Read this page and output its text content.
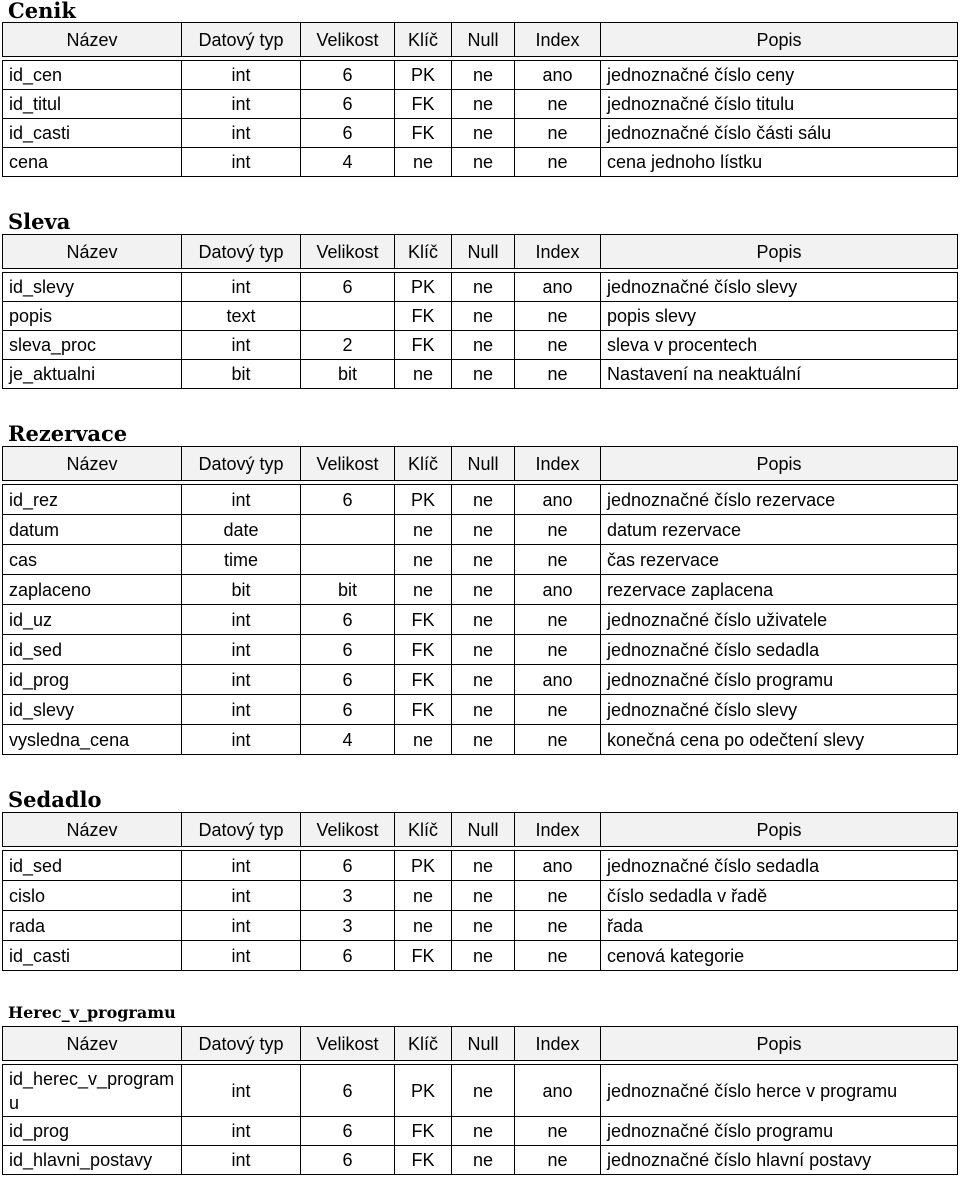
Cenik
Název	Datový typ	Velikost	Klíč	Null	Index	Popis

id_cen	int	6	PK	ne	ano	jednoznačné číslo ceny
id_titul	int	6	FK	ne	ne	jednoznačné číslo titulu
id_casti	int	6	FK	ne	ne	jednoznačné číslo části sálu
cena	int	4	ne	ne	ne	cena jednoho lístku
Sleva
Název	Datový typ	Velikost	Klíč	Null	Index	Popis

id_slevy	int	6	PK	ne	ano	jednoznačné číslo slevy
popis	text		FK	ne	ne	popis slevy
sleva_proc	int	2	FK	ne	ne	sleva v procentech
je_aktualni	bit	bit	ne	ne	ne	Nastavení na neaktuální
Rezervace
Název	Datový typ	Velikost	Klíč	Null	Index	Popis

id_rez	int	6	PK	ne	ano	jednoznačné číslo rezervace
datum	date		ne	ne	ne	datum rezervace
cas	time		ne	ne	ne	čas rezervace
zaplaceno	bit	bit	ne	ne	ano	rezervace zaplacena
id_uz	int	6	FK	ne	ne	jednoznačné číslo uživatele
id_sed	int	6	FK	ne	ne	jednoznačné číslo sedadla
id_prog	int	6	FK	ne	ano	jednoznačné číslo programu
id_slevy	int	6	FK	ne	ne	jednoznačné číslo slevy
vysledna_cena	int	4	ne	ne	ne	konečná cena po odečtení slevy
Sedadlo
Název	Datový typ	Velikost	Klíč	Null	Index	Popis

id_sed	int	6	PK	ne	ano	jednoznačné číslo sedadla
cislo	int	3	ne	ne	ne	číslo sedadla v řadě
rada	int	3	ne	ne	ne	řada
id_casti	int	6	FK	ne	ne	cenová kategorie
Herec_v_programu
Název	Datový typ	Velikost	Klíč	Null	Index	Popis

id_herec_v_programu	int	6	PK	ne	ano	jednoznačné číslo herce v programu
id_prog	int	6	FK	ne	ne	jednoznačné číslo programu
id_hlavni_postavy	int	6	FK	ne	ne	jednoznačné číslo hlavní postavy
